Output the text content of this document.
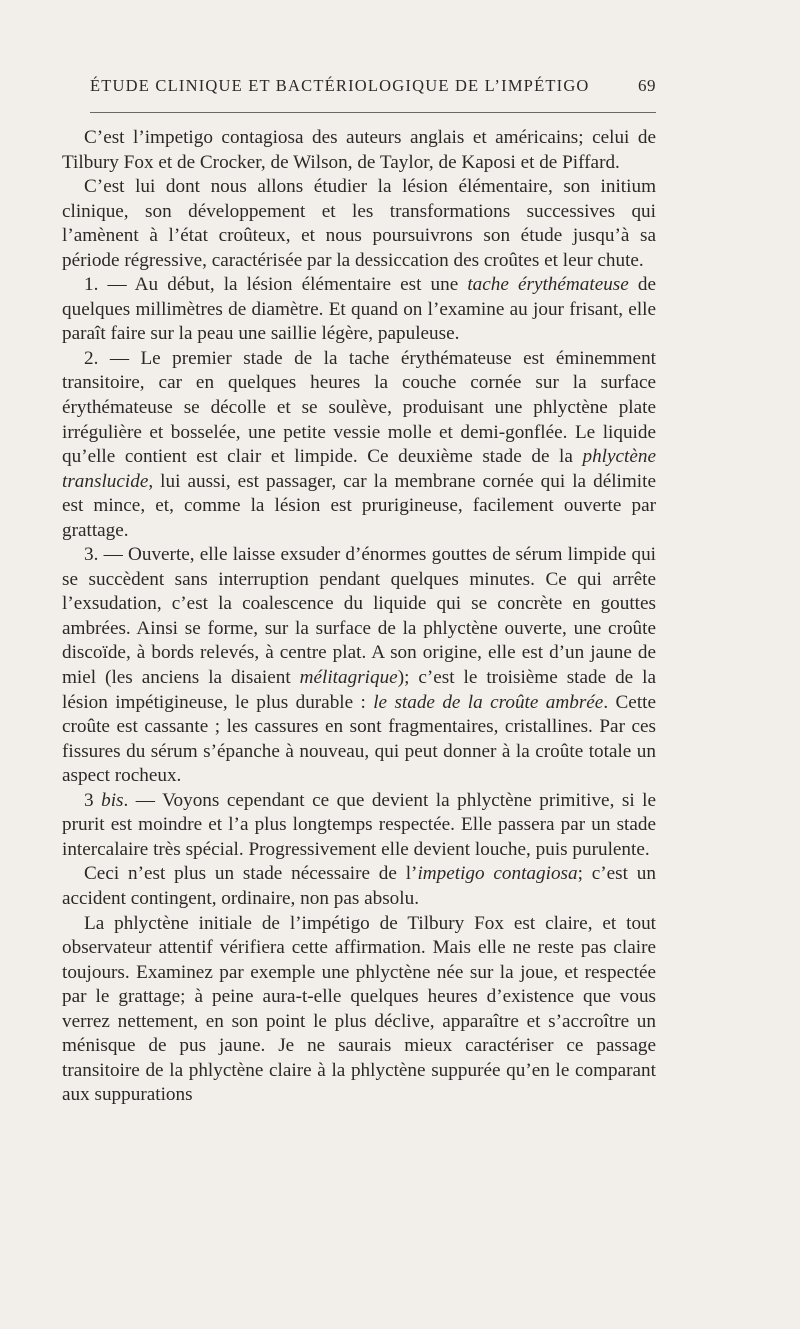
ÉTUDE CLINIQUE ET BACTÉRIOLOGIQUE DE L’IMPÉTIGO	69

C’est l’impetigo contagiosa des auteurs anglais et américains; celui de Tilbury Fox et de Crocker, de Wilson, de Taylor, de Kaposi et de Piffard.

C’est lui dont nous allons étudier la lésion élémentaire, son initium clinique, son développement et les transformations successives qui l’amènent à l’état croûteux, et nous poursuivrons son étude jusqu’à sa période régressive, caractérisée par la dessiccation des croûtes et leur chute.

1. — Au début, la lésion élémentaire est une tache érythémateuse de quelques millimètres de diamètre. Et quand on l’examine au jour frisant, elle paraît faire sur la peau une saillie légère, papuleuse.

2. — Le premier stade de la tache érythémateuse est éminemment transitoire, car en quelques heures la couche cornée sur la surface érythémateuse se décolle et se soulève, produisant une phlyctène plate irrégulière et bosselée, une petite vessie molle et demi-gonflée. Le liquide qu’elle contient est clair et limpide. Ce deuxième stade de la phlyctène translucide, lui aussi, est passager, car la membrane cornée qui la délimite est mince, et, comme la lésion est prurigineuse, facilement ouverte par grattage.

3. — Ouverte, elle laisse exsuder d’énormes gouttes de sérum limpide qui se succèdent sans interruption pendant quelques minutes. Ce qui arrête l’exsudation, c’est la coalescence du liquide qui se concrète en gouttes ambrées. Ainsi se forme, sur la surface de la phlyctène ouverte, une croûte discoïde, à bords relevés, à centre plat. A son origine, elle est d’un jaune de miel (les anciens la disaient mélitagrique); c’est le troisième stade de la lésion impétigineuse, le plus durable : le stade de la croûte ambrée. Cette croûte est cassante ; les cassures en sont fragmentaires, cristallines. Par ces fissures du sérum s’épanche à nouveau, qui peut donner à la croûte totale un aspect rocheux.

3 bis. — Voyons cependant ce que devient la phlyctène primitive, si le prurit est moindre et l’a plus longtemps respectée. Elle passera par un stade intercalaire très spécial. Progressivement elle devient louche, puis purulente.

Ceci n’est plus un stade nécessaire de l’impetigo contagiosa; c’est un accident contingent, ordinaire, non pas absolu.

La phlyctène initiale de l’impétigo de Tilbury Fox est claire, et tout observateur attentif vérifiera cette affirmation. Mais elle ne reste pas claire toujours. Examinez par exemple une phlyctène née sur la joue, et respectée par le grattage; à peine aura-t-elle quelques heures d’existence que vous verrez nettement, en son point le plus déclive, apparaître et s’accroître un ménisque de pus jaune. Je ne saurais mieux caractériser ce passage transitoire de la phlyctène claire à la phlyctène suppurée qu’en le comparant aux suppurations
